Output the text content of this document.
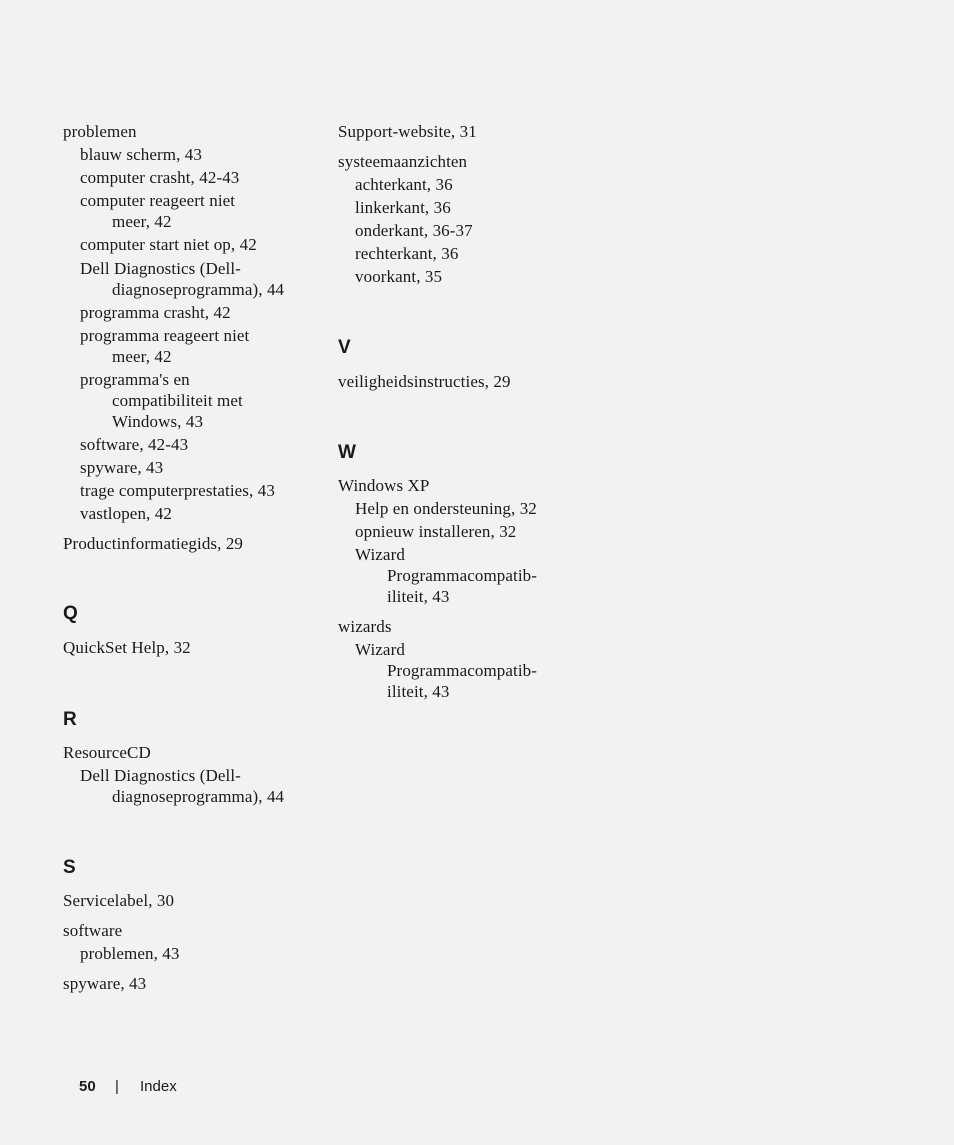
problemen
blauw scherm, 43
computer crasht, 42-43
computer reageert niet
meer, 42
computer start niet op, 42
Dell Diagnostics (Dell-
diagnoseprogramma), 44
programma crasht, 42
programma reageert niet
meer, 42
programma's en
compatibiliteit met
Windows, 43
software, 42-43
spyware, 43
trage computerprestaties, 43
vastlopen, 42
Productinformatiegids, 29
Q
QuickSet Help, 32
R
ResourceCD
Dell Diagnostics (Dell-
diagnoseprogramma), 44
S
Servicelabel, 30
software
problemen, 43
spyware, 43
Support-website, 31
systeemaanzichten
achterkant, 36
linkerkant, 36
onderkant, 36-37
rechterkant, 36
voorkant, 35
V
veiligheidsinstructies, 29
W
Windows XP
Help en ondersteuning, 32
opnieuw installeren, 32
Wizard
Programmacompatib-
iliteit, 43
wizards
Wizard
Programmacompatib-
iliteit, 43
50 | Index
